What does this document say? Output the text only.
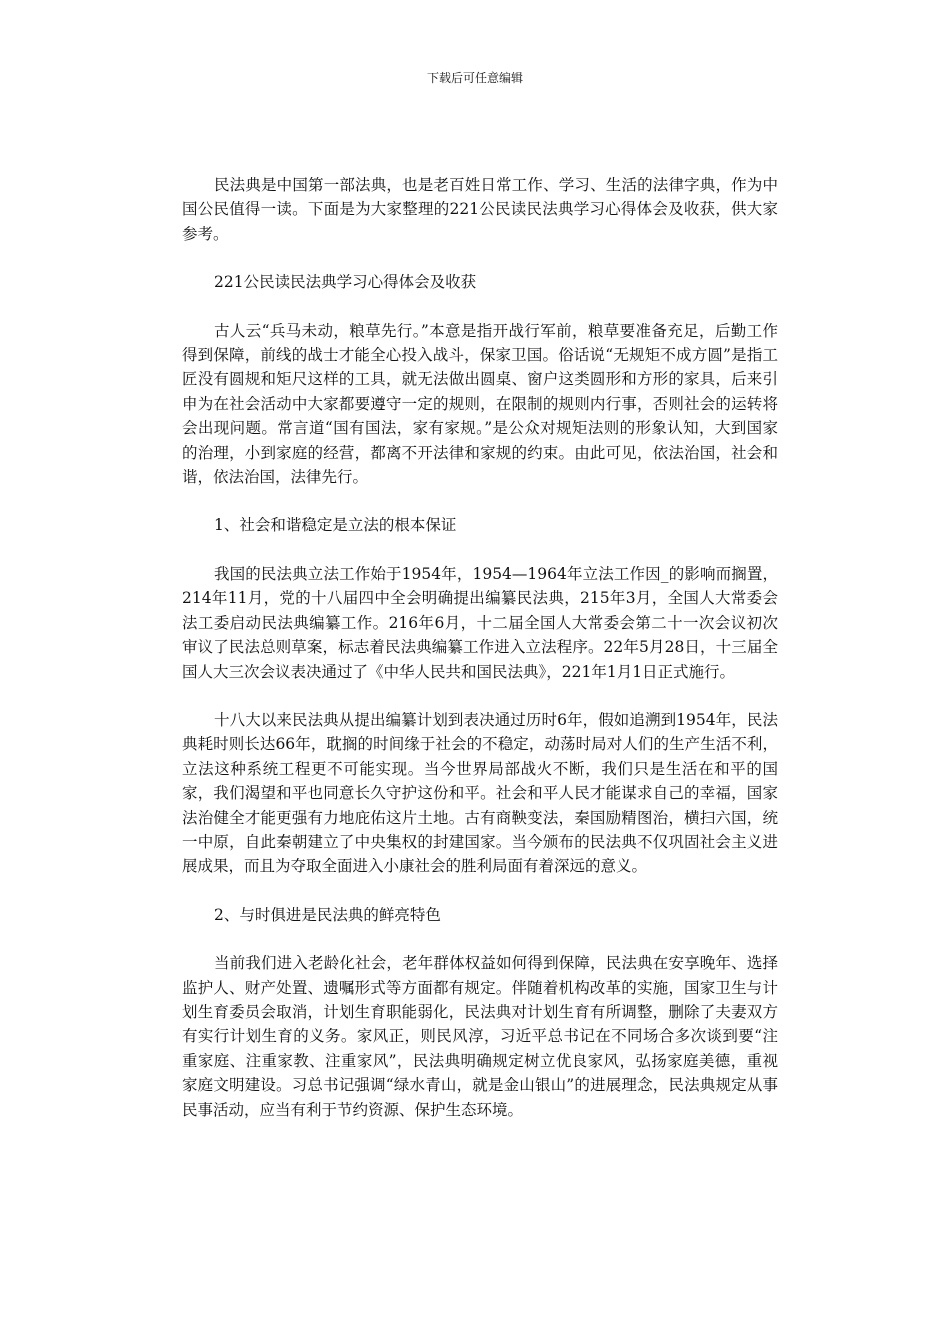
下载后可任意编辑

民法典是中国第一部法典，也是老百姓日常工作、学习、生活的法律字典，作为中国公民值得一读。下面是为大家整理的221公民读民法典学习心得体会及收获，供大家参考。

221公民读民法典学习心得体会及收获

古人云“兵马未动，粮草先行。”本意是指开战行军前，粮草要准备充足，后勤工作得到保障，前线的战士才能全心投入战斗，保家卫国。俗话说“无规矩不成方圆”是指工匠没有圆规和矩尺这样的工具，就无法做出圆桌、窗户这类圆形和方形的家具，后来引申为在社会活动中大家都要遵守一定的规则，在限制的规则内行事，否则社会的运转将会出现问题。常言道“国有国法，家有家规。”是公众对规矩法则的形象认知，大到国家的治理，小到家庭的经营，都离不开法律和家规的约束。由此可见，依法治国，社会和谐，依法治国，法律先行。

1、社会和谐稳定是立法的根本保证

我国的民法典立法工作始于1954年，1954—1964年立法工作因_的影响而搁置，214年11月，党的十八届四中全会明确提出编纂民法典，215年3月，全国人大常委会法工委启动民法典编纂工作。216年6月，十二届全国人大常委会第二十一次会议初次审议了民法总则草案，标志着民法典编纂工作进入立法程序。22年5月28日，十三届全国人大三次会议表决通过了《中华人民共和国民法典》，221年1月1日正式施行。

十八大以来民法典从提出编纂计划到表决通过历时6年，假如追溯到1954年，民法典耗时则长达66年，耽搁的时间缘于社会的不稳定，动荡时局对人们的生产生活不利，立法这种系统工程更不可能实现。当今世界局部战火不断，我们只是生活在和平的国家，我们渴望和平也同意长久守护这份和平。社会和平人民才能谋求自己的幸福，国家法治健全才能更强有力地庇佑这片土地。古有商鞅变法，秦国励精图治，横扫六国，统一中原，自此秦朝建立了中央集权的封建国家。当今颁布的民法典不仅巩固社会主义进展成果，而且为夺取全面进入小康社会的胜利局面有着深远的意义。

2、与时俱进是民法典的鲜亮特色

当前我们进入老龄化社会，老年群体权益如何得到保障，民法典在安享晚年、选择监护人、财产处置、遗嘱形式等方面都有规定。伴随着机构改革的实施，国家卫生与计划生育委员会取消，计划生育职能弱化，民法典对计划生育有所调整，删除了夫妻双方有实行计划生育的义务。家风正，则民风淳，习近平总书记在不同场合多次谈到要“注重家庭、注重家教、注重家风”，民法典明确规定树立优良家风，弘扬家庭美德，重视家庭文明建设。习总书记强调“绿水青山，就是金山银山”的进展理念，民法典规定从事民事活动，应当有利于节约资源、保护生态环境。
